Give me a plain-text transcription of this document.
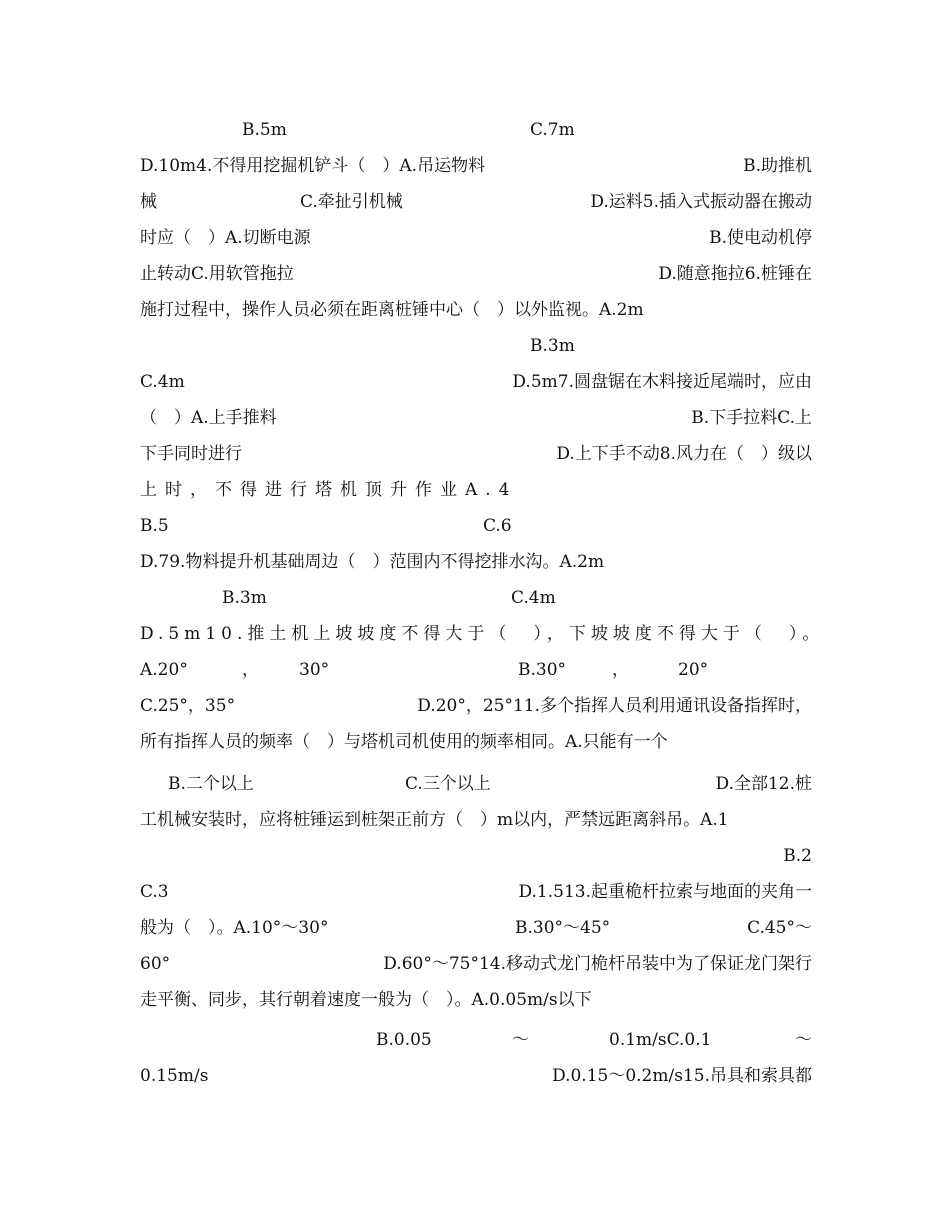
B.5m	C.7m
D.10m4.不得用挖掘机铲斗（　）A.吊运物料	B.助推机
械	C.牵扯引机械	D.运料5.插入式振动器在搬动
时应（　）A.切断电源	B.使电动机停
止转动C.用软管拖拉	D.随意拖拉6.桩锤在
施打过程中，操作人员必须在距离桩锤中心（　）以外监视。A.2m
B.3m
C.4m	D.5m7.圆盘锯在木料接近尾端时，应由
（　）A.上手推料	B.下手拉料C.上
下手同时进行	D.上下手不动8.风力在（　）级以
上时，不得进行塔机顶升作业A.4
B.5	C.6
D.79.物料提升机基础周边（　）范围内不得挖排水沟。A.2m
B.3m	C.4m
D.5m10.推土机上坡坡度不得大于（　），下坡坡度不得大于（　）。
A.20°	， 30°	B.30°	，	20°
C.25°，35°	D.20°，25°11.多个指挥人员利用通讯设备指挥时，
所有指挥人员的频率（　）与塔机司机使用的频率相同。A.只能有一个
B.二个以上	C.三个以上	D.全部12.桩
工机械安装时，应将桩锤运到桩架正前方（　）m以内，严禁远距离斜吊。A.1
B.2
C.3	D.1.513.起重桅杆拉索与地面的夹角一
般为（　）。A.10°～30°	B.30°～45°	C.45°～
60°	D.60°～75°14.移动式龙门桅杆吊装中为了保证龙门架行
走平衡、同步，其行朝着速度一般为（　）。A.0.05m/s以下
B.0.05	～	0.1m/sC.0.1	～
0.15m/s	D.0.15～0.2m/s15.吊具和索具都
